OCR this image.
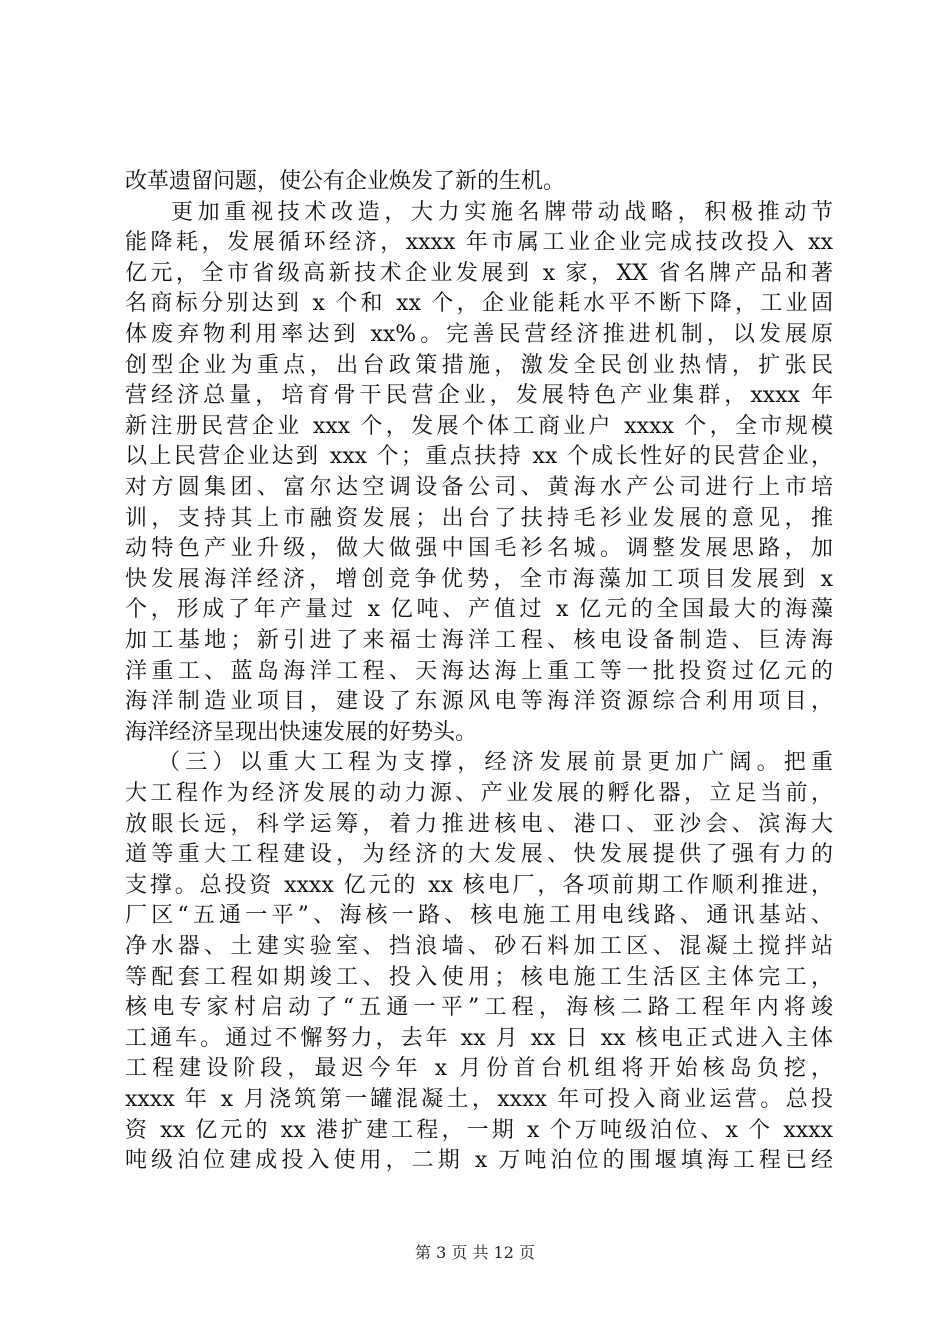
改革遗留问题，使公有企业焕发了新的生机。
更加重视技术改造，大力实施名牌带动战略，积极推动节
能降耗，发展循环经济，xxxx 年市属工业企业完成技改投入 xx
亿元，全市省级高新技术企业发展到 x 家，XX 省名牌产品和著
名商标分别达到 x 个和 xx 个，企业能耗水平不断下降，工业固
体废弃物利用率达到 xx%。完善民营经济推进机制，以发展原
创型企业为重点，出台政策措施，激发全民创业热情，扩张民
营经济总量，培育骨干民营企业，发展特色产业集群，xxxx 年
新注册民营企业 xxx 个，发展个体工商业户 xxxx 个，全市规模
以上民营企业达到 xxx 个；重点扶持 xx 个成长性好的民营企业，
对方圆集团、富尔达空调设备公司、黄海水产公司进行上市培
训，支持其上市融资发展；出台了扶持毛衫业发展的意见，推
动特色产业升级，做大做强中国毛衫名城。调整发展思路，加
快发展海洋经济，增创竞争优势，全市海藻加工项目发展到 x
个，形成了年产量过 x 亿吨、产值过 x 亿元的全国最大的海藻
加工基地；新引进了来福士海洋工程、核电设备制造、巨涛海
洋重工、蓝岛海洋工程、天海达海上重工等一批投资过亿元的
海洋制造业项目，建设了东源风电等海洋资源综合利用项目，
海洋经济呈现出快速发展的好势头。
（三）以重大工程为支撑，经济发展前景更加广阔。把重
大工程作为经济发展的动力源、产业发展的孵化器，立足当前，
放眼长远，科学运筹，着力推进核电、港口、亚沙会、滨海大
道等重大工程建设，为经济的大发展、快发展提供了强有力的
支撑。总投资 xxxx 亿元的 xx 核电厂，各项前期工作顺利推进，
厂区“五通一平”、海核一路、核电施工用电线路、通讯基站、
净水器、土建实验室、挡浪墙、砂石料加工区、混凝土搅拌站
等配套工程如期竣工、投入使用；核电施工生活区主体完工，
核电专家村启动了“五通一平”工程，海核二路工程年内将竣
工通车。通过不懈努力，去年 xx 月 xx 日 xx 核电正式进入主体
工程建设阶段，最迟今年 x 月份首台机组将开始核岛负挖，
xxxx 年 x 月浇筑第一罐混凝土，xxxx 年可投入商业运营。总投
资 xx 亿元的 xx 港扩建工程，一期 x 个万吨级泊位、x 个 xxxx
吨级泊位建成投入使用，二期 x 万吨泊位的围堰填海工程已经
第 3 页 共 12 页
